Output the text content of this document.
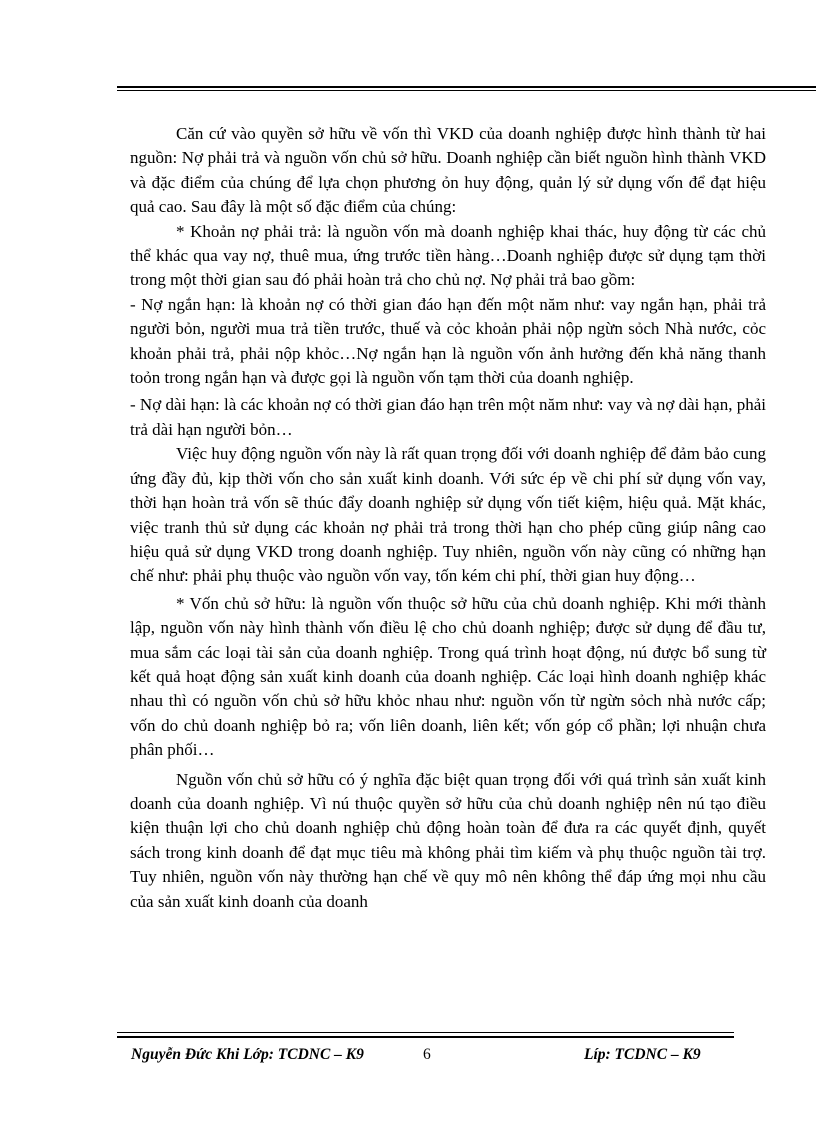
Căn cứ vào quyền sở hữu về vốn thì VKD của doanh nghiệp được hình thành từ hai nguồn: Nợ phải trả và nguồn vốn chủ sở hữu. Doanh nghiệp cần biết nguồn hình thành VKD và đặc điểm của chúng để lựa chọn phương ỏn huy động, quản lý sử dụng vốn để đạt hiệu quả cao. Sau đây là một số đặc điểm của chúng:

* Khoản nợ phải trả: là nguồn vốn mà doanh nghiệp khai thác, huy động từ các chủ thể khác qua vay nợ, thuê mua, ứng trước tiền hàng…Doanh nghiệp được sử dụng tạm thời trong một thời gian sau đó phải hoàn trả cho chủ nợ. Nợ phải trả bao gồm:

- Nợ ngắn hạn: là khoản nợ có thời gian đáo hạn đến một năm như: vay ngắn hạn, phải trả người bỏn, người mua trả tiền trước, thuế và cỏc khoản phải nộp ngừn sỏch Nhà nước, cỏc khoản phải trả, phải nộp khỏc…Nợ ngắn hạn là nguồn vốn ảnh hưởng đến khả năng thanh toỏn trong ngắn hạn và được gọi là nguồn vốn tạm thời của doanh nghiệp.

- Nợ dài hạn: là các khoản nợ có thời gian đáo hạn trên một năm như: vay và nợ dài hạn, phải trả dài hạn người bỏn…

Việc huy động nguồn vốn này là rất quan trọng đối với doanh nghiệp để đảm bảo cung ứng đầy đủ, kịp thời vốn cho sản xuất kinh doanh. Với sức ép về chi phí sử dụng vốn vay, thời hạn hoàn trả vốn sẽ thúc đẩy doanh nghiệp sử dụng vốn tiết kiệm, hiệu quả. Mặt khác, việc tranh thủ sử dụng các khoản nợ phải trả trong thời hạn cho phép cũng giúp nâng cao hiệu quả sử dụng VKD trong doanh nghiệp. Tuy nhiên, nguồn vốn này cũng có những hạn chế như: phải phụ thuộc vào nguồn vốn vay, tốn kém chi phí, thời gian huy động…

* Vốn chủ sở hữu: là nguồn vốn thuộc sở hữu của chủ doanh nghiệp. Khi mới thành lập, nguồn vốn này hình thành vốn điều lệ cho chủ doanh nghiệp; được sử dụng để đầu tư, mua sắm các loại tài sản của doanh nghiệp. Trong quá trình hoạt động, nú được bổ sung từ kết quả hoạt động sản xuất kinh doanh của doanh nghiệp. Các loại hình doanh nghiệp khác nhau thì có nguồn vốn chủ sở hữu khỏc nhau như: nguồn vốn từ ngừn sỏch nhà nước cấp; vốn do chủ doanh nghiệp bỏ ra; vốn liên doanh, liên kết; vốn góp cổ phần; lợi nhuận chưa phân phối…

Nguồn vốn chủ sở hữu có ý nghĩa đặc biệt quan trọng đối với quá trình sản xuất kinh doanh của doanh nghiệp. Vì nú thuộc quyền sở hữu của chủ doanh nghiệp nên nú tạo điều kiện thuận lợi cho chủ doanh nghiệp chủ động hoàn toàn để đưa ra các quyết định, quyết sách trong kinh doanh để đạt mục tiêu mà không phải tìm kiếm và phụ thuộc nguồn tài trợ. Tuy nhiên, nguồn vốn này thường hạn chế về quy mô nên không thể đáp ứng mọi nhu cầu của sản xuất kinh doanh của doanh

Nguyễn Đức Khi Lớp: TCDNC – K9	6	Líp: TCDNC – K9
